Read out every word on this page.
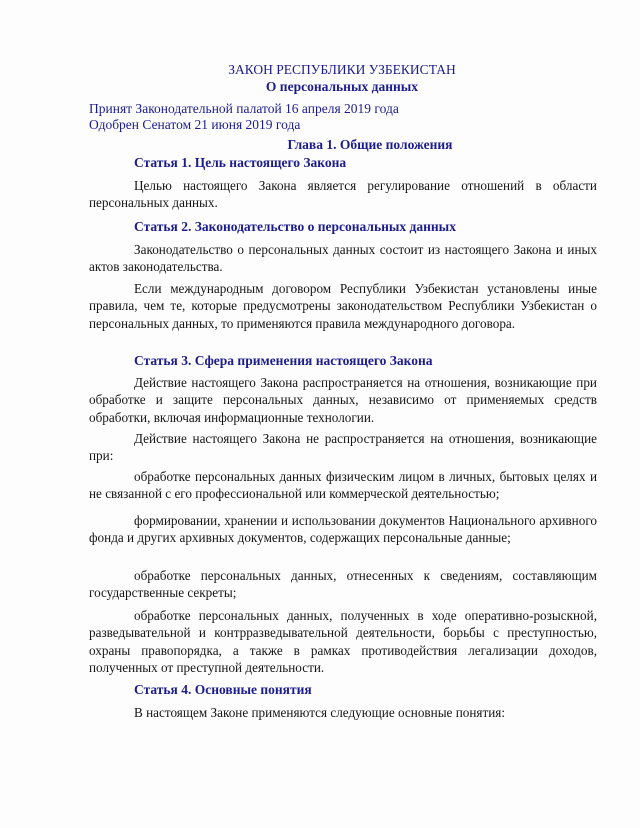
ЗАКОН РЕСПУБЛИКИ УЗБЕКИСТАН
О персональных данных
Принят Законодательной палатой 16 апреля 2019 года
Одобрен Сенатом 21 июня 2019 года
Глава 1. Общие положения
Статья 1. Цель настоящего Закона
Целью настоящего Закона является регулирование отношений в области персональных данных.
Статья 2. Законодательство о персональных данных
Законодательство о персональных данных состоит из настоящего Закона и иных актов законодательства.
Если международным договором Республики Узбекистан установлены иные правила, чем те, которые предусмотрены законодательством Республики Узбекистан о персональных данных, то применяются правила международного договора.
Статья 3. Сфера применения настоящего Закона
Действие настоящего Закона распространяется на отношения, возникающие при обработке и защите персональных данных, независимо от применяемых средств обработки, включая информационные технологии.
Действие настоящего Закона не распространяется на отношения, возникающие при:
обработке персональных данных физическим лицом в личных, бытовых целях и не связанной с его профессиональной или коммерческой деятельностью;
формировании, хранении и использовании документов Национального архивного фонда и других архивных документов, содержащих персональные данные;
обработке персональных данных, отнесенных к сведениям, составляющим государственные секреты;
обработке персональных данных, полученных в ходе оперативно-розыскной, разведывательной и контрразведывательной деятельности, борьбы с преступностью, охраны правопорядка, а также в рамках противодействия легализации доходов, полученных от преступной деятельности.
Статья 4. Основные понятия
В настоящем Законе применяются следующие основные понятия:
